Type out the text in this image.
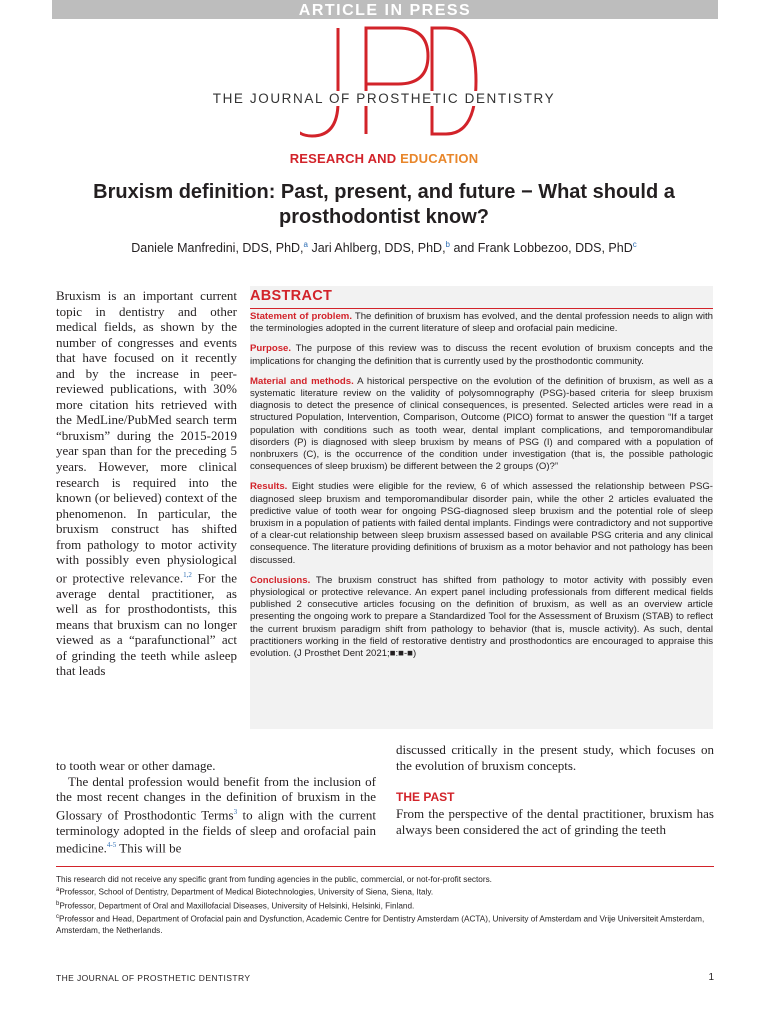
ARTICLE IN PRESS
THE JOURNAL OF PROSTHETIC DENTISTRY
RESEARCH AND EDUCATION
Bruxism definition: Past, present, and future − What should a
prosthodontist know?
Daniele Manfredini, DDS, PhD,$^a$ Jari Ahlberg, DDS, PhD,$^b$ and Frank Lobbezoo, DDS, PhD$^c$
Bruxism is an important current topic in dentistry and other medical fields, as shown by the number of congresses and events that have focused on it recently and by the increase in peer-reviewed publications, with 30% more citation hits retrieved with the MedLine/PubMed search term “bruxism” during the 2015-2019 year span than for the preceding 5 years. However, more clinical research is required into the known (or believed) context of the phenomenon. In particular, the bruxism construct has shifted from pathology to motor activity with possibly even physiological or protective relevance.$^{1,2}$ For the average dental practitioner, as well as for prosthodontists, this means that bruxism can no longer viewed as a “parafunctional” act of grinding the teeth while asleep that leads

to tooth wear or other damage.

The dental profession would benefit from the inclusion of the most recent changes in the definition of bruxism in the Glossary of Prosthodontic Terms$^3$ to align with the current terminology adopted in the fields of sleep and orofacial pain medicine.$^{4-5}$ This will be

ABSTRACT

Statement of problem. The definition of bruxism has evolved, and the dental profession needs to align with the terminologies adopted in the current literature of sleep and orofacial pain medicine.

Purpose. The purpose of this review was to discuss the recent evolution of bruxism concepts and the implications for changing the definition that is currently used by the prosthodontic community.

Material and methods. A historical perspective on the evolution of the definition of bruxism, as well as a systematic literature review on the validity of polysomnography (PSG)-based criteria for sleep bruxism diagnosis to detect the presence of clinical consequences, is presented. Selected articles were read in a structured Population, Intervention, Comparison, Outcome (PICO) format to answer the question “If a target population with conditions such as tooth wear, dental implant complications, and temporomandibular disorders (P) is diagnosed with sleep bruxism by means of PSG (I) and compared with a population of nonbruxers (C), is the occurrence of the condition under investigation (that is, the possible pathologic consequences of sleep bruxism) be different between the 2 groups (O)?”

Results. Eight studies were eligible for the review, 6 of which assessed the relationship between PSG-diagnosed sleep bruxism and temporomandibular disorder pain, while the other 2 articles evaluated the predictive value of tooth wear for ongoing PSG-diagnosed sleep bruxism and the potential role of sleep bruxism in a population of patients with failed dental implants. Findings were contradictory and not supportive of a clear-cut relationship between sleep bruxism assessed based on available PSG criteria and any clinical consequence. The literature providing definitions of bruxism as a motor behavior and not pathology has been discussed.

Conclusions. The bruxism construct has shifted from pathology to motor activity with possibly even physiological or protective relevance. An expert panel including professionals from different medical fields published 2 consecutive articles focusing on the definition of bruxism, as well as an overview article presenting the ongoing work to prepare a Standardized Tool for the Assessment of Bruxism (STAB) to reflect the current bruxism paradigm shift from pathology to behavior (that is, muscle activity). As such, dental practitioners working in the field of restorative dentistry and prosthodontics are encouraged to appraise this evolution. (J Prosthet Dent 2021;■:■-■)

discussed critically in the present study, which focuses on the evolution of bruxism concepts.
THE PAST
From the perspective of the dental practitioner, bruxism has always been considered the act of grinding the teeth
This research did not receive any specific grant from funding agencies in the public, commercial, or not-for-profit sectors.
$^a$Professor, School of Dentistry, Department of Medical Biotechnologies, University of Siena, Siena, Italy.
$^b$Professor, Department of Oral and Maxillofacial Diseases, University of Helsinki, Helsinki, Finland.
$^c$Professor and Head, Department of Orofacial pain and Dysfunction, Academic Centre for Dentistry Amsterdam (ACTA), University of Amsterdam and Vrije Universiteit Amsterdam, Amsterdam, the Netherlands.
THE JOURNAL OF PROSTHETIC DENTISTRY	1
